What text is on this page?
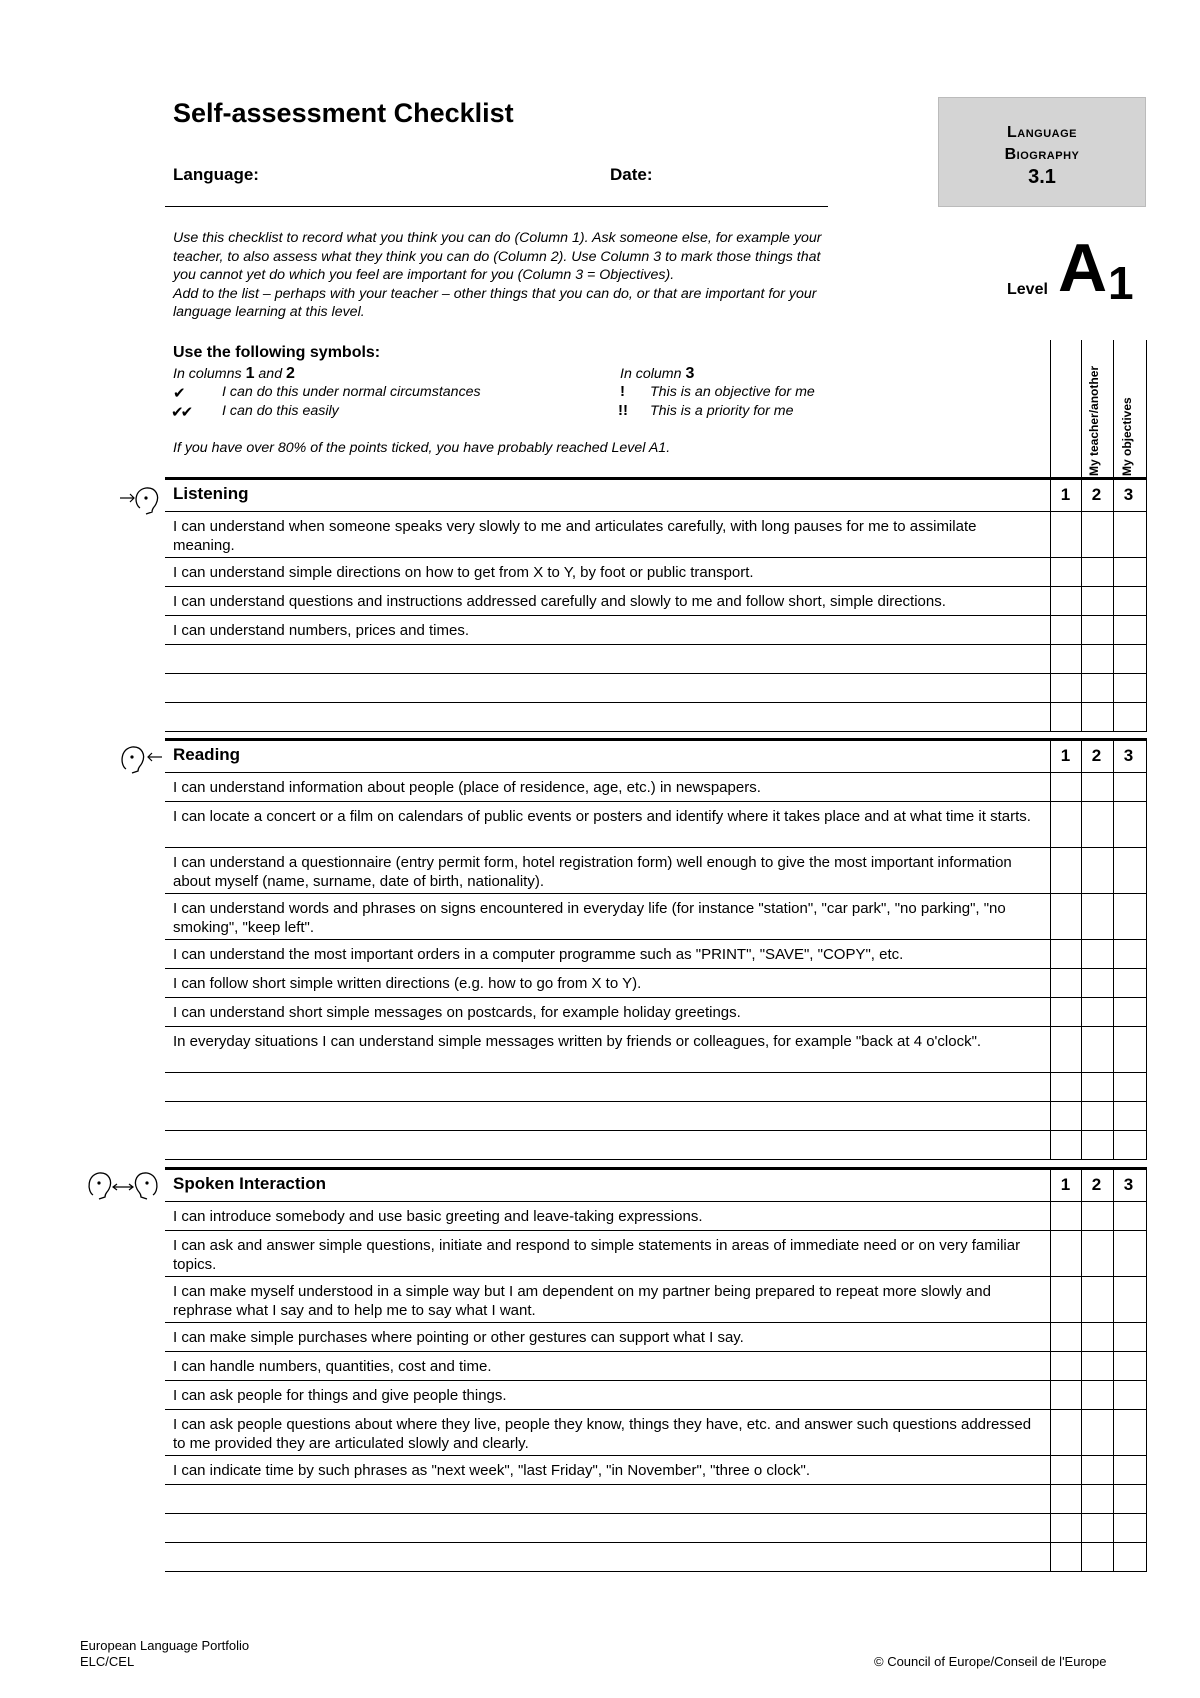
Self-assessment Checklist
Language:	Date:
Language
Biography
3.1
Use this checklist to record what you think you can do (Column 1). Ask someone else, for example your
teacher, to also assess what they think you can do (Column 2). Use Column 3 to mark those things that
you cannot yet do which you feel are important for you (Column 3 = Objectives).
Add to the list – perhaps with your teacher – other things that you can do, or that are important for your
language learning at this level.
Level A 1
Use the following symbols:
In columns 1 and 2	In column 3
✔	I can do this under normal circumstances
✔✔ I can do this easily
! This is an objective for me
!! This is a priority for me
If you have over 80% of the points ticked, you have probably reached Level A1.	My teacher/another My objectives
Listening	1	2	3
I can understand when someone speaks very slowly to me and articulates carefully, with long pauses for me to assimilate meaning.
I can understand simple directions on how to get from X to Y, by foot or public transport.
I can understand questions and instructions addressed carefully and slowly to me and follow short, simple directions.
I can understand numbers, prices and times.
Reading	1	2	3
I can understand information about people (place of residence, age, etc.) in newspapers.
I can locate a concert or a film on calendars of public events or posters and identify where it takes place and at what time it starts.
I can understand a questionnaire (entry permit form, hotel registration form) well enough to give the most important information about myself (name, surname, date of birth, nationality).
I can understand words and phrases on signs encountered in everyday life (for instance "station", "car park", "no parking", "no smoking", "keep left".
I can understand the most important orders in a computer programme such as "PRINT", "SAVE", "COPY", etc.
I can follow short simple written directions (e.g. how to go from X to Y).
I can understand short simple messages on postcards, for example holiday greetings.
In everyday situations I can understand simple messages written by friends or colleagues, for example "back at 4 o'clock".
Spoken Interaction	1	2	3
I can introduce somebody and use basic greeting and leave-taking expressions.
I can ask and answer simple questions, initiate and respond to simple statements in areas of immediate need or on very familiar topics.
I can make myself understood in a simple way but I am dependent on my partner being prepared to repeat more slowly and rephrase what I say and to help me to say what I want.
I can make simple purchases where pointing or other gestures can support what I say.
I can handle numbers, quantities, cost and time.
I can ask people for things and give people things.
I can ask people questions about where they live, people they know, things they have, etc. and answer such questions addressed to me provided they are articulated slowly and clearly.
I can indicate time by such phrases as "next week", "last Friday", "in November", "three o clock".
European Language Portfolio
ELC/CEL	© Council of Europe/Conseil de l'Europe
